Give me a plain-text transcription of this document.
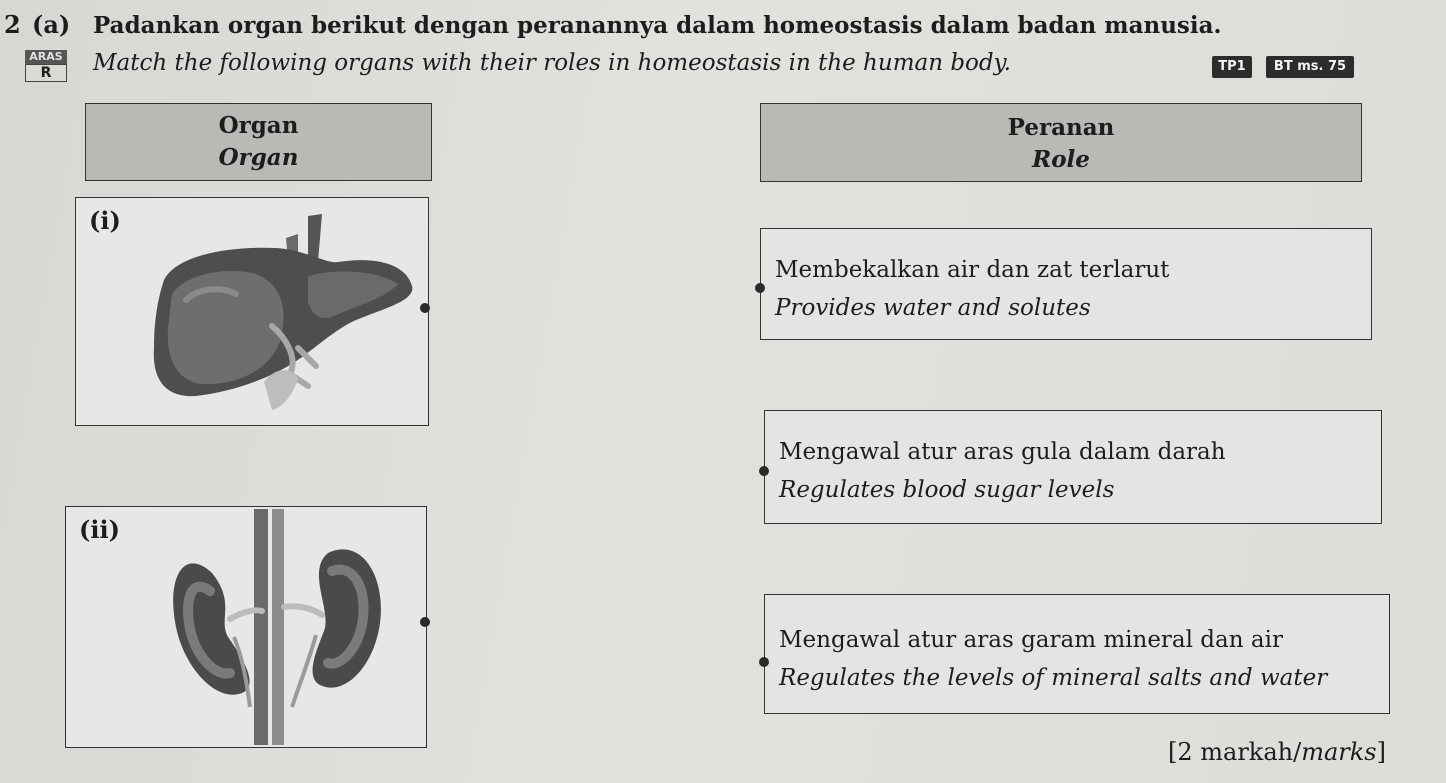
2 (a) Padankan organ berikut dengan peranannya dalam homeostasis dalam badan manusia.
ARAS
R	Match the following organs with their roles in homeostasis in the human body.	TP1	BT ms. 75
Organ
Organ
Peranan
Role
(i)
(ii)
Membekalkan air dan zat terlarut
Provides water and solutes
Mengawal atur aras gula dalam darah
Regulates blood sugar levels
Mengawal atur aras garam mineral dan air
Regulates the levels of mineral salts and water
[2 markah/marks]
